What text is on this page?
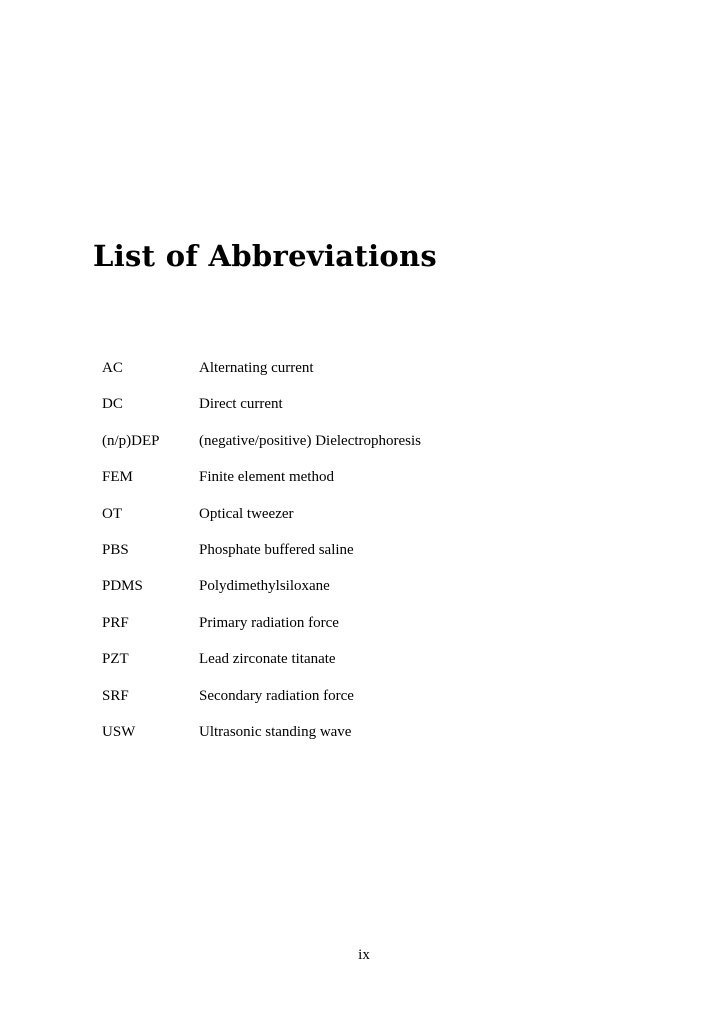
List of Abbreviations
AC	Alternating current
DC	Direct current
(n/p)DEP	(negative/positive) Dielectrophoresis
FEM	Finite element method
OT	Optical tweezer
PBS	Phosphate buffered saline
PDMS	Polydimethylsiloxane
PRF	Primary radiation force
PZT	Lead zirconate titanate
SRF	Secondary radiation force
USW	Ultrasonic standing wave
ix
